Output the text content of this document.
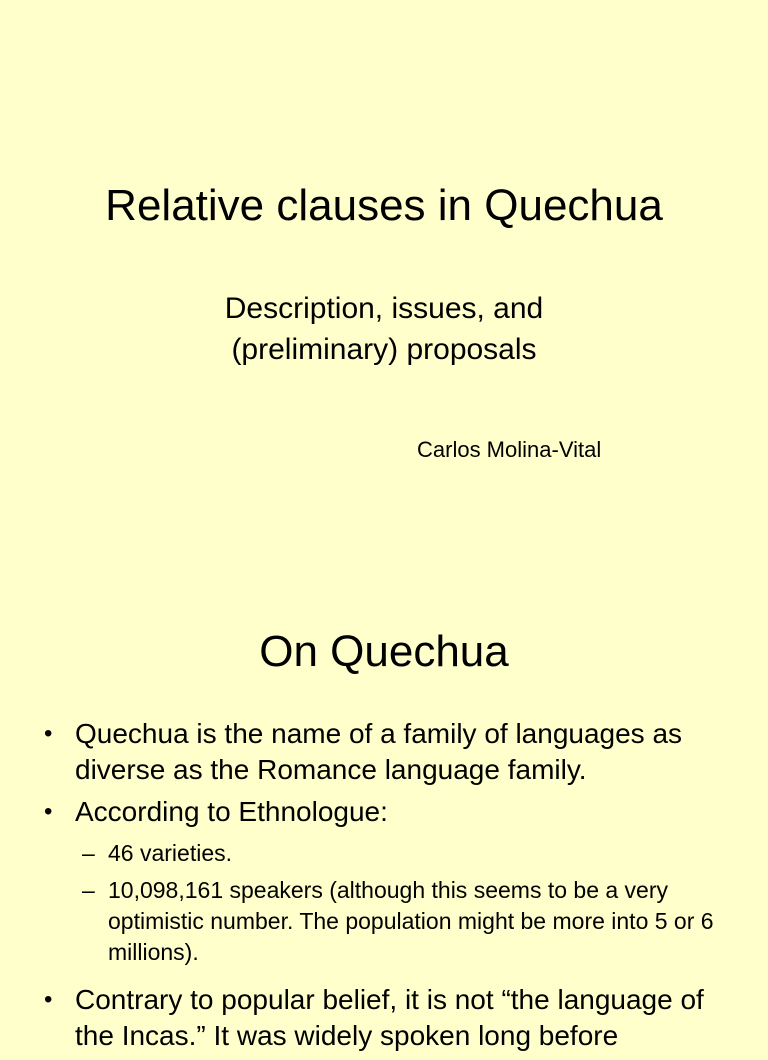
Relative clauses in Quechua
Description, issues, and
(preliminary) proposals
Carlos Molina-Vital
On Quechua
• Quechua is the name of a family of languages as diverse as the Romance language family.
• According to Ethnologue:
– 46 varieties.
– 10,098,161 speakers (although this seems to be a very optimistic number. The population might be more into 5 or 6 millions).
• Contrary to popular belief, it is not “the language of the Incas.” It was widely spoken long before
